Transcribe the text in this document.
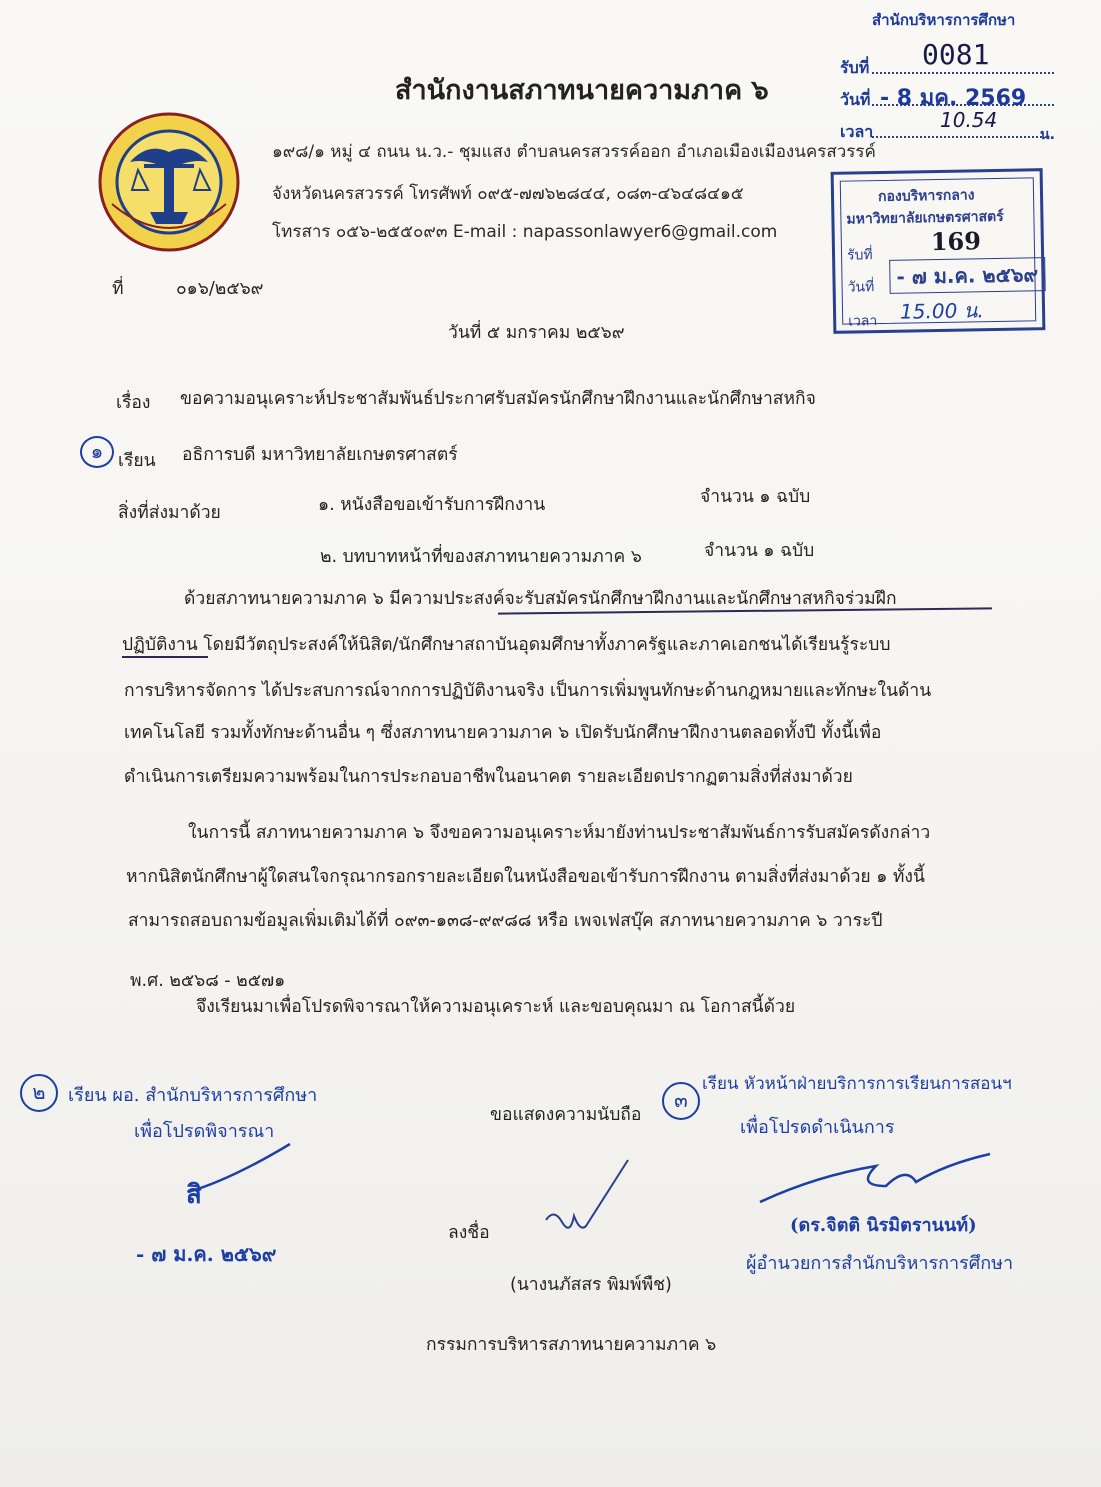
สำนักบริหารการศึกษา
รับที่ 0081
วันที่ - 8 มค. 2569
เวลา	10.54
น.
สำนักงานสภาทนายความภาค ๖
๑๙๘/๑ หมู่ ๔ ถนน น.ว.- ชุมแสง ตำบลนครสวรรค์ออก อำเภอเมืองเมืองนครสวรรค์
จังหวัดนครสวรรค์ โทรศัพท์ ๐๙๕-๗๗๖๒๘๔๔, ๐๘๓-๔๖๔๘๔๑๕
โทรสาร ๐๕๖-๒๕๕๐๙๓ E-mail : napassonlawyer6@gmail.com
กองบริหารกลาง
มหาวิทยาลัยเกษตรศาสตร์
รับที่ 169
วันที่	- ๗ ม.ค. ๒๕๖๙
เวลา 15.00 น.
ที่	๐๑๖/๒๕๖๙
วันที่ ๕ มกราคม ๒๕๖๙
เรื่อง ขอความอนุเคราะห์ประชาสัมพันธ์ประกาศรับสมัครนักศึกษาฝึกงานและนักศึกษาสหกิจ
๑ เรียน อธิการบดี มหาวิทยาลัยเกษตรศาสตร์
สิ่งที่ส่งมาด้วย	๑. หนังสือขอเข้ารับการฝึกงาน	จำนวน ๑ ฉบับ
๒. บทบาทหน้าที่ของสภาทนายความภาค ๖	จำนวน ๑ ฉบับ
ด้วยสภาทนายความภาค ๖ มีความประสงค์จะรับสมัครนักศึกษาฝึกงานและนักศึกษาสหกิจร่วมฝึก
ปฏิบัติงาน โดยมีวัตถุประสงค์ให้นิสิต/นักศึกษาสถาบันอุดมศึกษาทั้งภาครัฐและภาคเอกชนได้เรียนรู้ระบบ
การบริหารจัดการ ได้ประสบการณ์จากการปฏิบัติงานจริง เป็นการเพิ่มพูนทักษะด้านกฎหมายและทักษะในด้าน
เทคโนโลยี รวมทั้งทักษะด้านอื่น ๆ ซึ่งสภาทนายความภาค ๖ เปิดรับนักศึกษาฝึกงานตลอดทั้งปี ทั้งนี้เพื่อ
ดำเนินการเตรียมความพร้อมในการประกอบอาชีพในอนาคต รายละเอียดปรากฏตามสิ่งที่ส่งมาด้วย
ในการนี้ สภาทนายความภาค ๖ จึงขอความอนุเคราะห์มายังท่านประชาสัมพันธ์การรับสมัครดังกล่าว
หากนิสิตนักศึกษาผู้ใดสนใจกรุณากรอกรายละเอียดในหนังสือขอเข้ารับการฝึกงาน ตามสิ่งที่ส่งมาด้วย ๑ ทั้งนี้
สามารถสอบถามข้อมูลเพิ่มเติมได้ที่ ๐๙๓-๑๓๘-๙๙๘๘ หรือ เพจเฟสบุ๊ค สภาทนายความภาค ๖ วาระปี
พ.ศ. ๒๕๖๘ - ๒๕๗๑
จึงเรียนมาเพื่อโปรดพิจารณาให้ความอนุเคราะห์ และขอบคุณมา ณ โอกาสนี้ด้วย
๒	เรียน ผอ. สำนักบริหารการศึกษา
เพื่อโปรดพิจารณา
สิ
- ๗ ม.ค. ๒๕๖๙
ขอแสดงความนับถือ
ลงชื่อ
(นางนภัสสร พิมพ์พืช)
กรรมการบริหารสภาทนายความภาค ๖
๓
เรียน หัวหน้าฝ่ายบริการการเรียนการสอนฯ
เพื่อโปรดดำเนินการ
(ดร.จิตติ นิรมิตรานนท์)
ผู้อำนวยการสำนักบริหารการศึกษา
